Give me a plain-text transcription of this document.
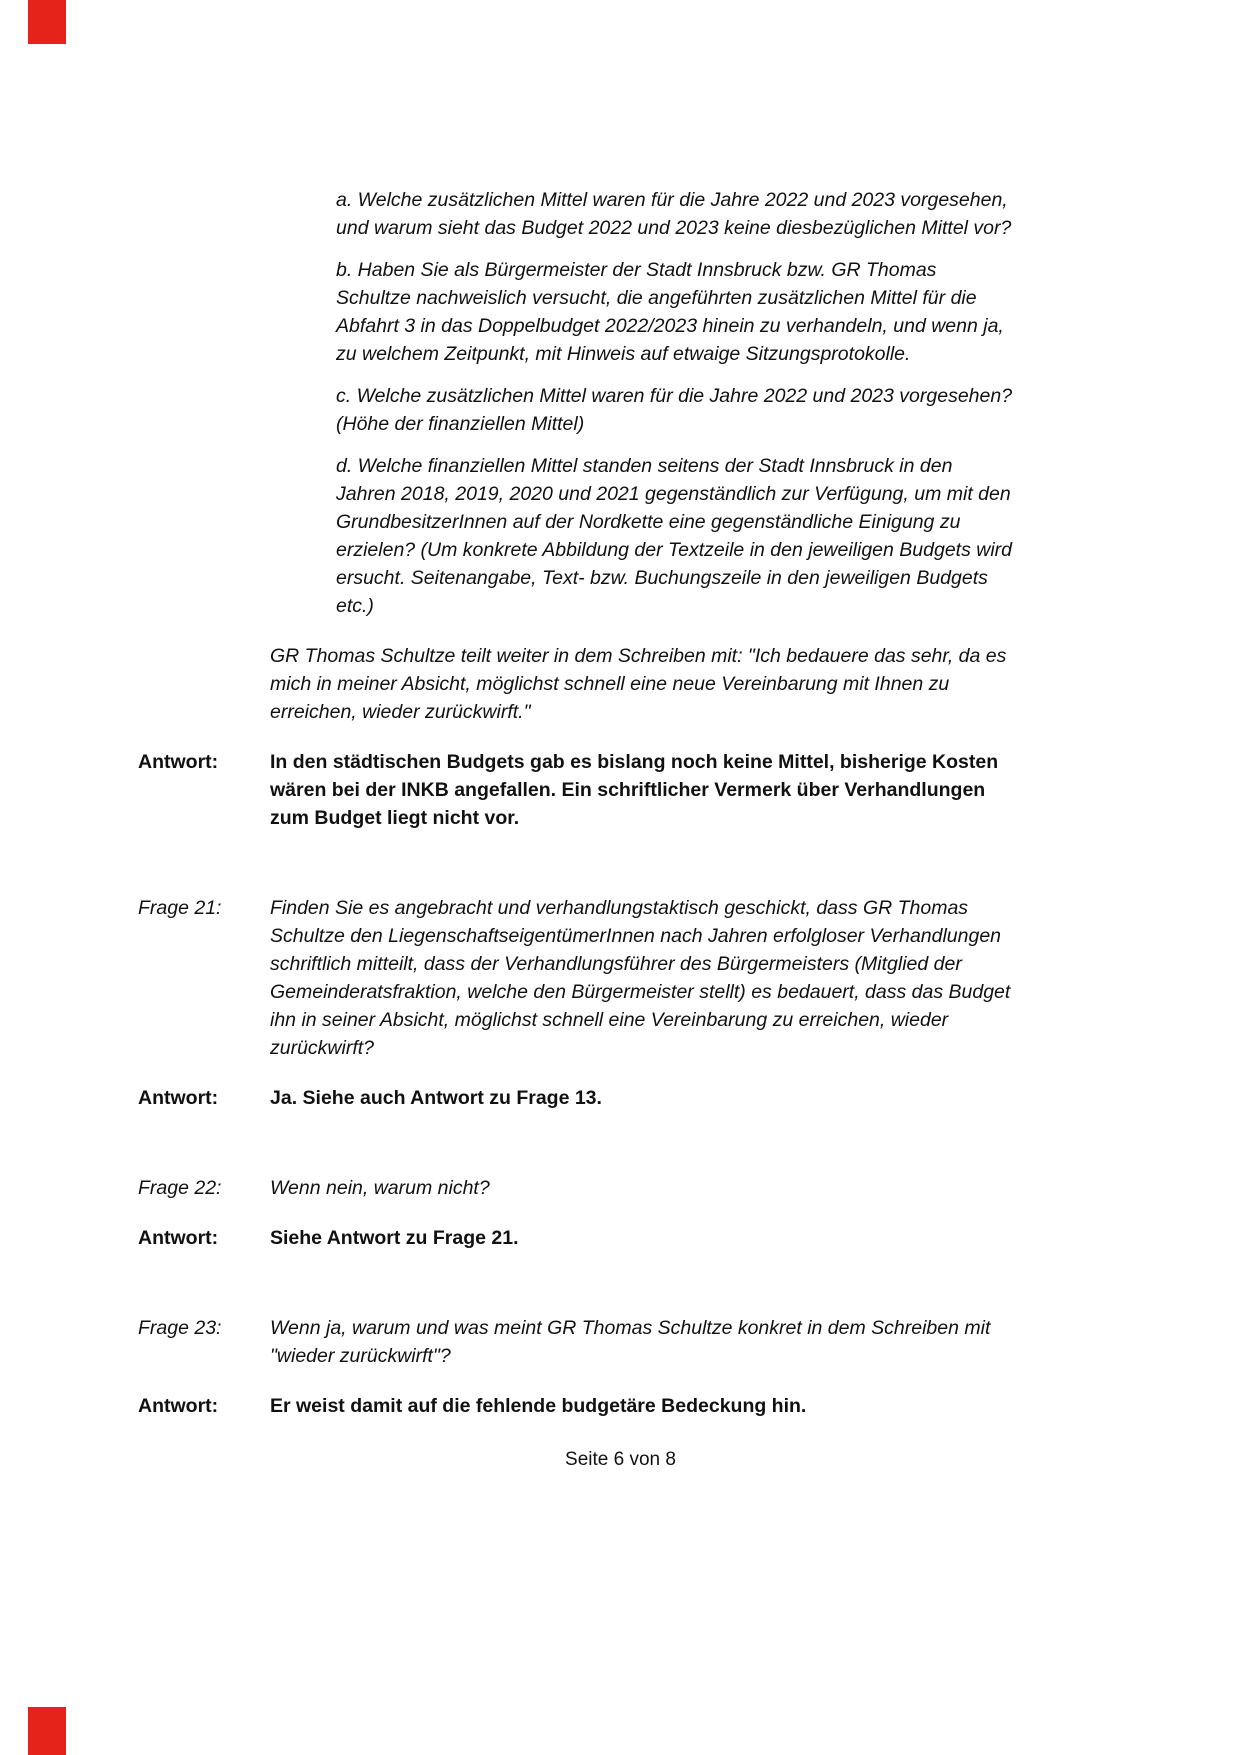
a. Welche zusätzlichen Mittel waren für die Jahre 2022 und 2023 vorgesehen, und warum sieht das Budget 2022 und 2023 keine diesbezüglichen Mittel vor?

b. Haben Sie als Bürgermeister der Stadt Innsbruck bzw. GR Thomas Schultze nachweislich versucht, die angeführten zusätzlichen Mittel für die Abfahrt 3 in das Doppelbudget 2022/2023 hinein zu verhandeln, und wenn ja, zu welchem Zeitpunkt, mit Hinweis auf etwaige Sitzungsprotokolle.

c. Welche zusätzlichen Mittel waren für die Jahre 2022 und 2023 vorgesehen? (Höhe der finanziellen Mittel)

d. Welche finanziellen Mittel standen seitens der Stadt Innsbruck in den Jahren 2018, 2019, 2020 und 2021 gegenständlich zur Verfügung, um mit den GrundbesitzerInnen auf der Nordkette eine gegenständliche Einigung zu erzielen? (Um konkrete Abbildung der Textzeile in den jeweiligen Budgets wird ersucht. Seitenangabe, Text- bzw. Buchungszeile in den jeweiligen Budgets etc.)

GR Thomas Schultze teilt weiter in dem Schreiben mit: "Ich bedauere das sehr, da es mich in meiner Absicht, möglichst schnell eine neue Vereinbarung mit Ihnen zu erreichen, wieder zurückwirft."

Antwort:	In den städtischen Budgets gab es bislang noch keine Mittel, bisherige Kosten wären bei der INKB angefallen. Ein schriftlicher Vermerk über Verhandlungen zum Budget liegt nicht vor.
Frage 21:	Finden Sie es angebracht und verhandlungstaktisch geschickt, dass GR Thomas Schultze den LiegenschaftseigentümerInnen nach Jahren erfolgloser Verhandlungen schriftlich mitteilt, dass der Verhandlungsführer des Bürgermeisters (Mitglied der Gemeinderatsfraktion, welche den Bürgermeister stellt) es bedauert, dass das Budget ihn in seiner Absicht, möglichst schnell eine Vereinbarung zu erreichen, wieder zurückwirft?
Antwort:	Ja. Siehe auch Antwort zu Frage 13.
Frage 22:	Wenn nein, warum nicht?
Antwort:	Siehe Antwort zu Frage 21.
Frage 23:	Wenn ja, warum und was meint GR Thomas Schultze konkret in dem Schreiben mit "wieder zurückwirft"?
Antwort:	Er weist damit auf die fehlende budgetäre Bedeckung hin.
Seite 6 von 8
